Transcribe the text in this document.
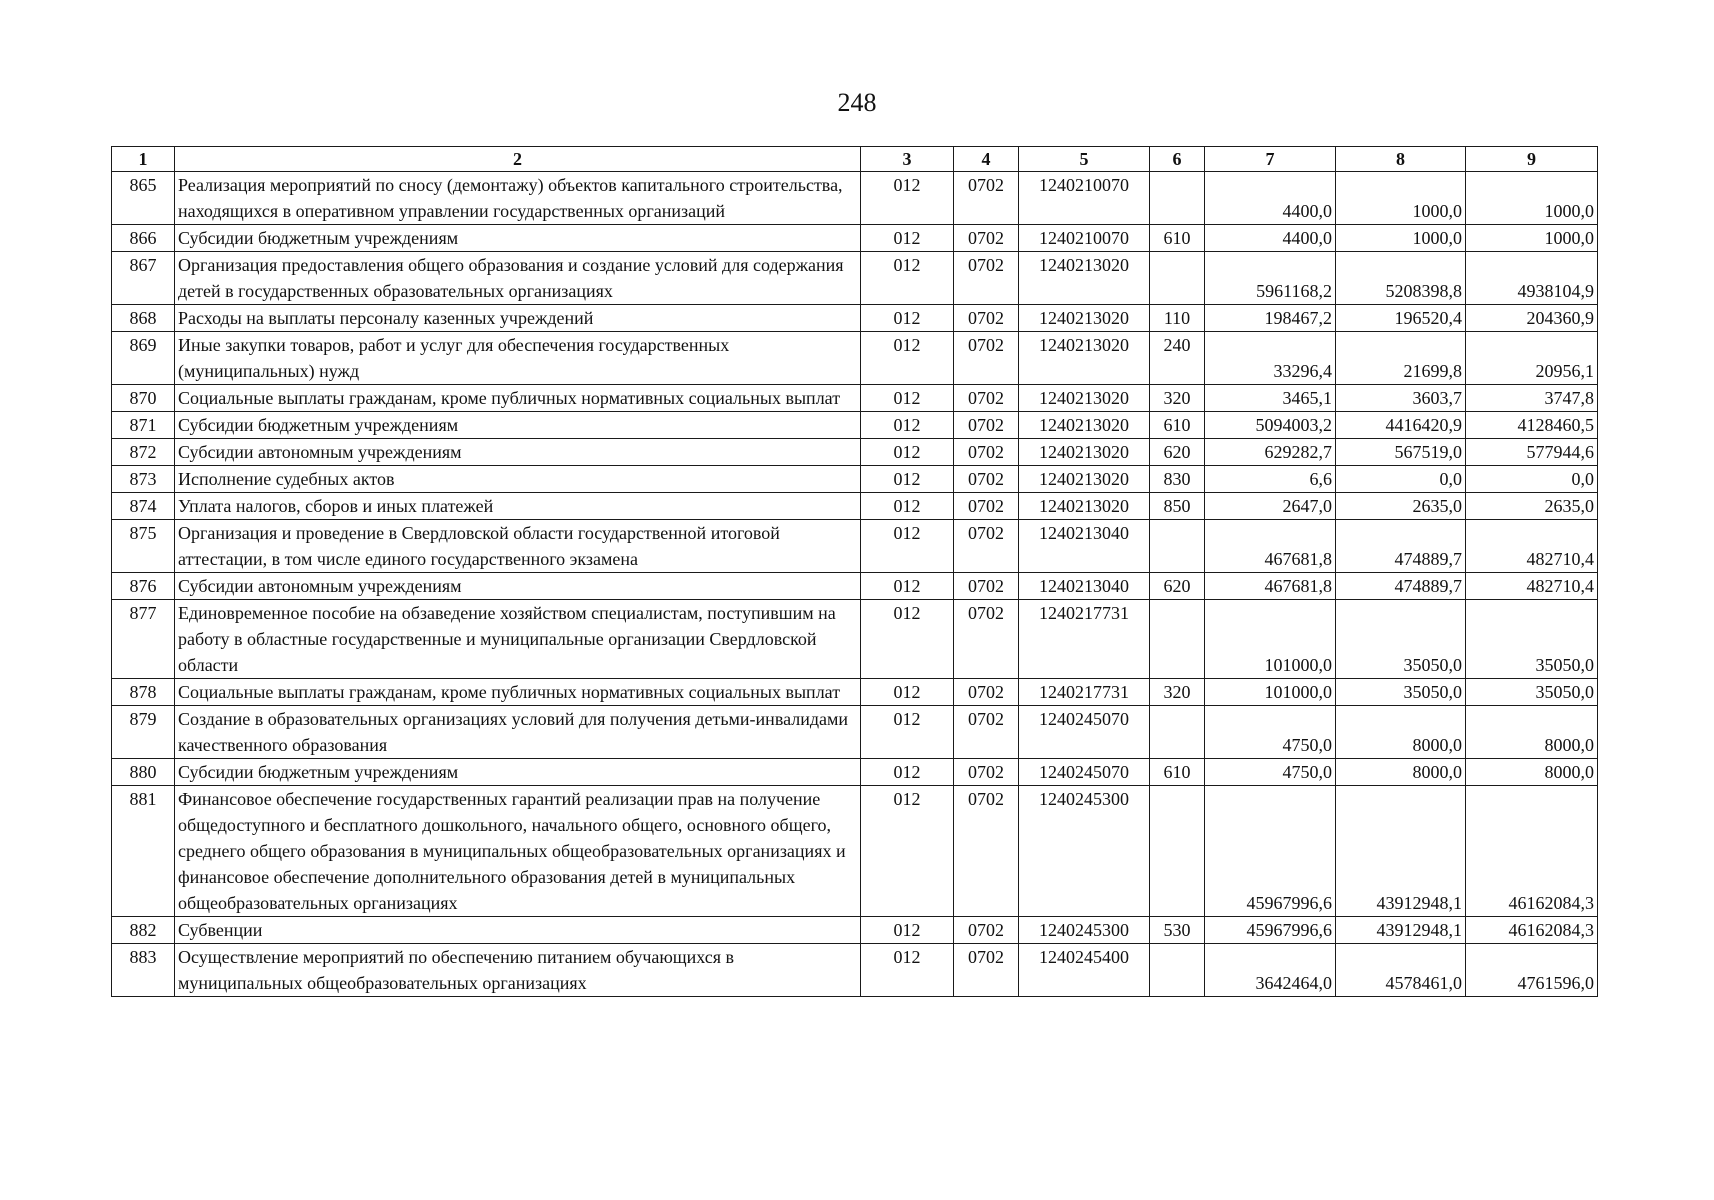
248
1	2	3	4	5	6	7	8	9
865	Реализация мероприятий по сносу (демонтажу) объектов капитального строительства, находящихся в оперативном управлении государственных организаций	012	0702	1240210070		4400,0	1000,0	1000,0
866	Субсидии бюджетным учреждениям	012	0702	1240210070	610	4400,0	1000,0	1000,0
867	Организация предоставления общего образования и создание условий для содержания детей в государственных образовательных организациях	012	0702	1240213020		5961168,2	5208398,8	4938104,9
868	Расходы на выплаты персоналу казенных учреждений	012	0702	1240213020	110	198467,2	196520,4	204360,9
869	Иные закупки товаров, работ и услуг для обеспечения государственных (муниципальных) нужд	012	0702	1240213020	240	33296,4	21699,8	20956,1
870	Социальные выплаты гражданам, кроме публичных нормативных социальных выплат	012	0702	1240213020	320	3465,1	3603,7	3747,8
871	Субсидии бюджетным учреждениям	012	0702	1240213020	610	5094003,2	4416420,9	4128460,5
872	Субсидии автономным учреждениям	012	0702	1240213020	620	629282,7	567519,0	577944,6
873	Исполнение судебных актов	012	0702	1240213020	830	6,6	0,0	0,0
874	Уплата налогов, сборов и иных платежей	012	0702	1240213020	850	2647,0	2635,0	2635,0
875	Организация и проведение в Свердловской области государственной итоговой аттестации, в том числе единого государственного экзамена	012	0702	1240213040		467681,8	474889,7	482710,4
876	Субсидии автономным учреждениям	012	0702	1240213040	620	467681,8	474889,7	482710,4
877	Единовременное пособие на обзаведение хозяйством специалистам, поступившим на работу в областные государственные и муниципальные организации Свердловской области	012	0702	1240217731		101000,0	35050,0	35050,0
878	Социальные выплаты гражданам, кроме публичных нормативных социальных выплат	012	0702	1240217731	320	101000,0	35050,0	35050,0
879	Создание в образовательных организациях условий для получения детьми-инвалидами качественного образования	012	0702	1240245070		4750,0	8000,0	8000,0
880	Субсидии бюджетным учреждениям	012	0702	1240245070	610	4750,0	8000,0	8000,0
881	Финансовое обеспечение государственных гарантий реализации прав на получение общедоступного и бесплатного дошкольного, начального общего, основного общего, среднего общего образования в муниципальных общеобразовательных организациях и финансовое обеспечение дополнительного образования детей в муниципальных общеобразовательных организациях	012	0702	1240245300		45967996,6	43912948,1	46162084,3
882	Субвенции	012	0702	1240245300	530	45967996,6	43912948,1	46162084,3
883	Осуществление мероприятий по обеспечению питанием обучающихся в муниципальных общеобразовательных организациях	012	0702	1240245400		3642464,0	4578461,0	4761596,0
